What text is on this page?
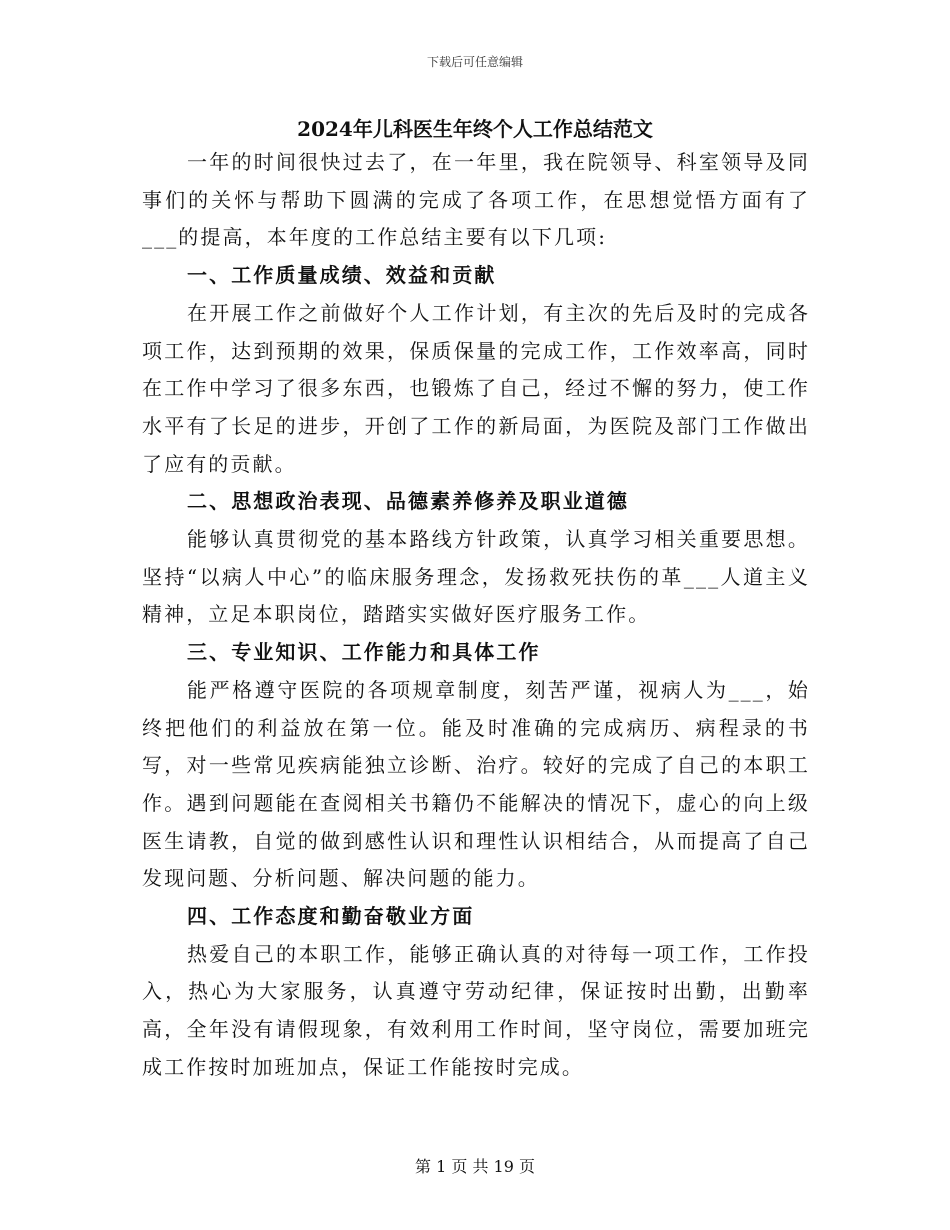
下载后可任意编辑
2024年儿科医生年终个人工作总结范文

一年的时间很快过去了，在一年里，我在院领导、科室领导及同事们的关怀与帮助下圆满的完成了各项工作，在思想觉悟方面有了___的提高，本年度的工作总结主要有以下几项:

一、工作质量成绩、效益和贡献

在开展工作之前做好个人工作计划，有主次的先后及时的完成各项工作，达到预期的效果，保质保量的完成工作，工作效率高，同时在工作中学习了很多东西，也锻炼了自己，经过不懈的努力，使工作水平有了长足的进步，开创了工作的新局面，为医院及部门工作做出了应有的贡献。

二、思想政治表现、品德素养修养及职业道德

能够认真贯彻党的基本路线方针政策，认真学习相关重要思想。坚持“以病人中心”的临床服务理念，发扬救死扶伤的革___人道主义精神，立足本职岗位，踏踏实实做好医疗服务工作。

三、专业知识、工作能力和具体工作

能严格遵守医院的各项规章制度，刻苦严谨，视病人为___，始终把他们的利益放在第一位。能及时准确的完成病历、病程录的书写，对一些常见疾病能独立诊断、治疗。较好的完成了自己的本职工作。遇到问题能在查阅相关书籍仍不能解决的情况下，虚心的向上级医生请教，自觉的做到感性认识和理性认识相结合，从而提高了自己发现问题、分析问题、解决问题的能力。

四、工作态度和勤奋敬业方面

热爱自己的本职工作，能够正确认真的对待每一项工作，工作投入，热心为大家服务，认真遵守劳动纪律，保证按时出勤，出勤率高，全年没有请假现象，有效利用工作时间，坚守岗位，需要加班完成工作按时加班加点，保证工作能按时完成。

第 1 页 共 19 页
